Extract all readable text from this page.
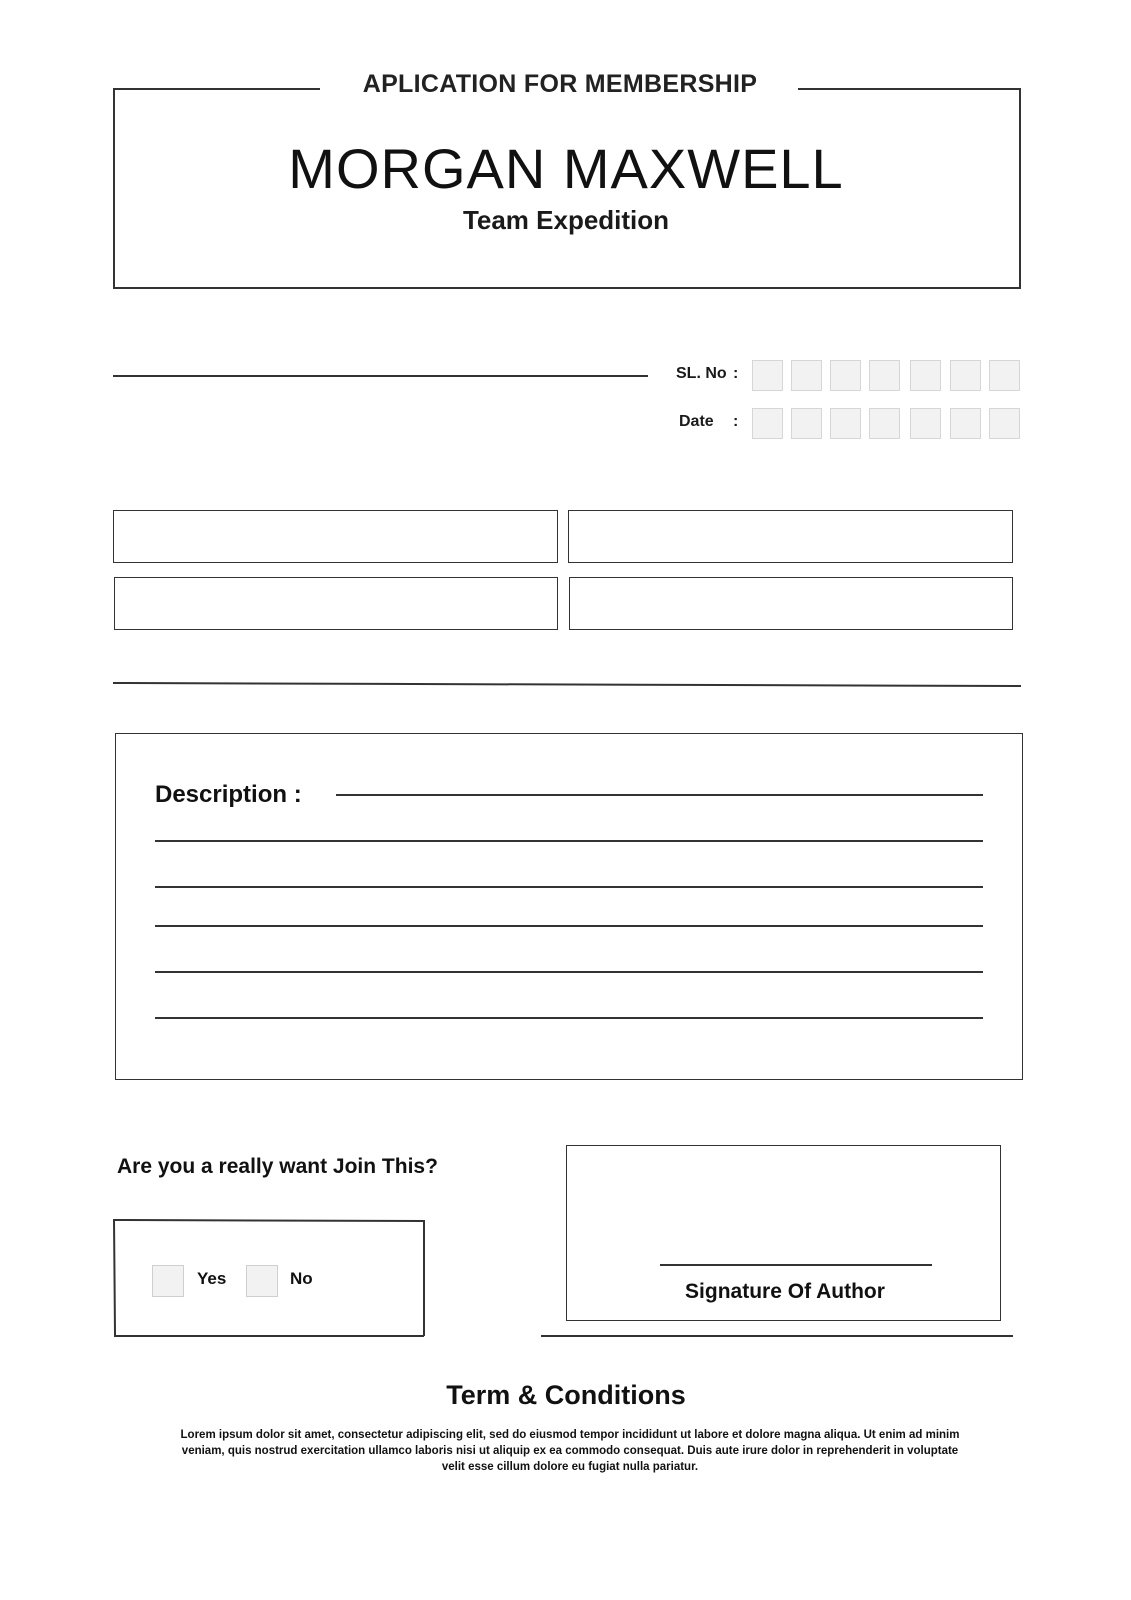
APLICATION FOR MEMBERSHIP
MORGAN MAXWELL
Team Expedition
SL. No :
Date :
Description :
Are you a really want Join This?
Yes	No
Signature Of Author
Term & Conditions
Lorem ipsum dolor sit amet, consectetur adipiscing elit, sed do eiusmod tempor incididunt ut labore et dolore magna aliqua. Ut enim ad minim veniam, quis nostrud exercitation ullamco laboris nisi ut aliquip ex ea commodo consequat. Duis aute irure dolor in reprehenderit in voluptate velit esse cillum dolore eu fugiat nulla pariatur.
